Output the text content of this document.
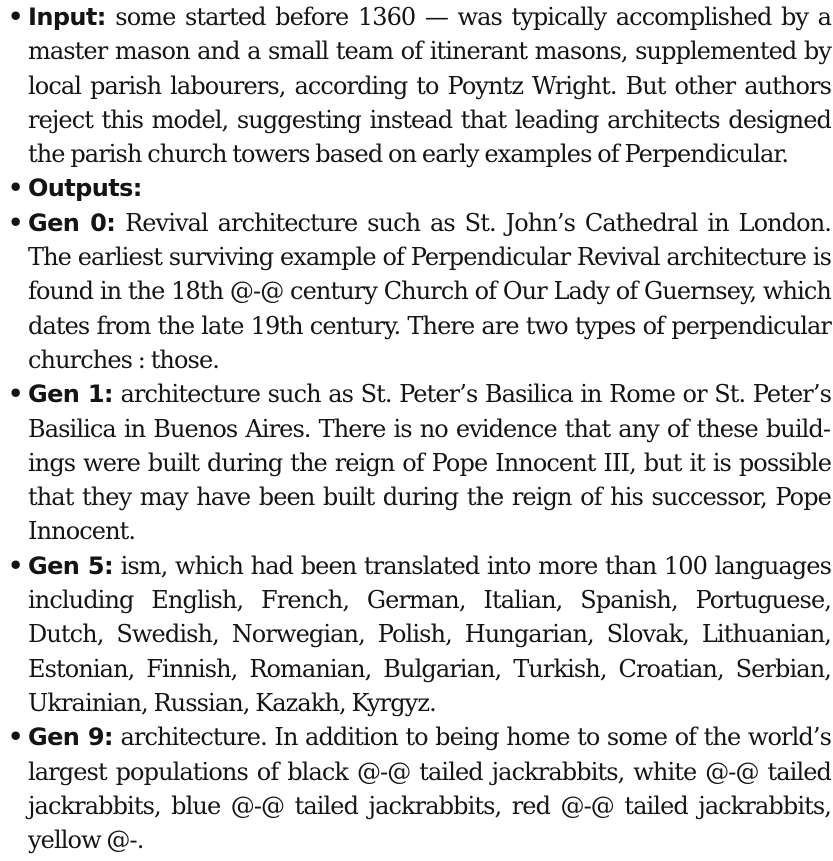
• Input: some started before 1360 — was typically accomplished by a master mason and a small team of itinerant masons, supplemented by local parish labourers, according to Poyntz Wright. But other authors reject this model, suggesting instead that leading architects designed the parish church towers based on early examples of Perpendicular.
• Outputs:
• Gen 0: Revival architecture such as St. John’s Cathedral in London. The earliest surviving example of Perpendicular Revival architecture is found in the 18th @-@ century Church of Our Lady of Guernsey, which dates from the late 19th century. There are two types of perpendicular churches : those.
• Gen 1: architecture such as St. Peter’s Basilica in Rome or St. Peter’s Basilica in Buenos Aires. There is no evidence that any of these buildings were built during the reign of Pope Innocent III, but it is possible that they may have been built during the reign of his successor, Pope Innocent.
• Gen 5: ism, which had been translated into more than 100 languages including English, French, German, Italian, Spanish, Portuguese, Dutch, Swedish, Norwegian, Polish, Hungarian, Slovak, Lithuanian, Estonian, Finnish, Romanian, Bulgarian, Turkish, Croatian, Serbian, Ukrainian, Russian, Kazakh, Kyrgyz.
• Gen 9: architecture. In addition to being home to some of the world’s largest populations of black @-@ tailed jackrabbits, white @-@ tailed jackrabbits, blue @-@ tailed jackrabbits, red @-@ tailed jackrabbits, yellow @-.
